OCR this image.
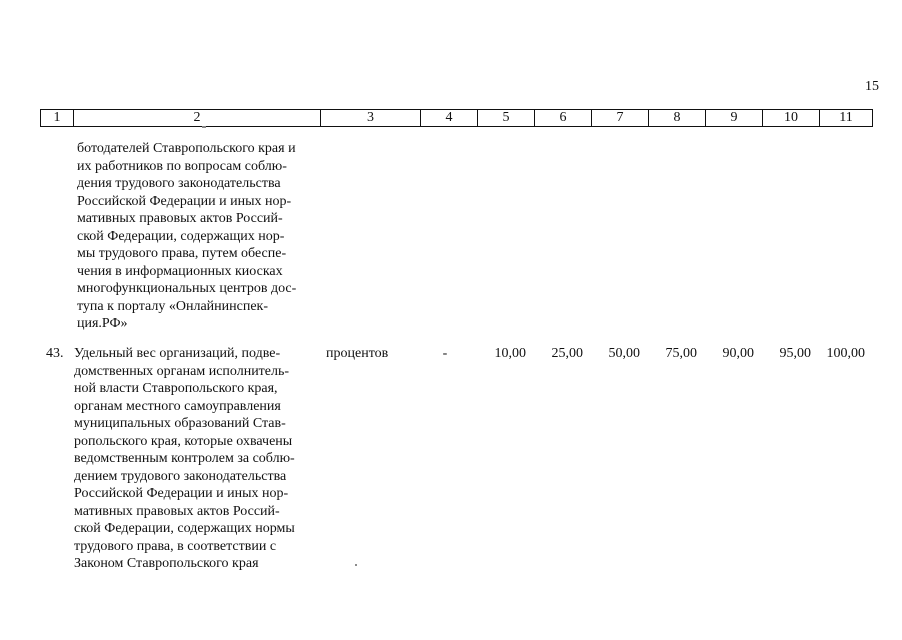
15
1	2	3	4	5	6	7	8	9	10	11
ботодателей Ставропольского края и
их работников по вопросам соблю-
дения трудового законодательства
Российской Федерации и иных нор-
мативных правовых актов Россий-
ской Федерации, содержащих нор-
мы трудового права, путем обеспе-
чения в информационных киосках
многофункциональных центров дос-
тупа к порталу «Онлайнинспек-
ция.РФ»
43. Удельный вес организаций, подве-
домственных органам исполнитель-
ной власти Ставропольского края,
органам местного самоуправления
муниципальных образований Став-
ропольского края, которые охвачены
ведомственным контролем за соблю-
дением трудового законодательства
Российской Федерации и иных нор-
мативных правовых актов Россий-
ской Федерации, содержащих нормы
трудового права, в соответствии с
Законом Ставропольского края
процентов	-	10,00	25,00	50,00	75,00	90,00	95,00	100,00
